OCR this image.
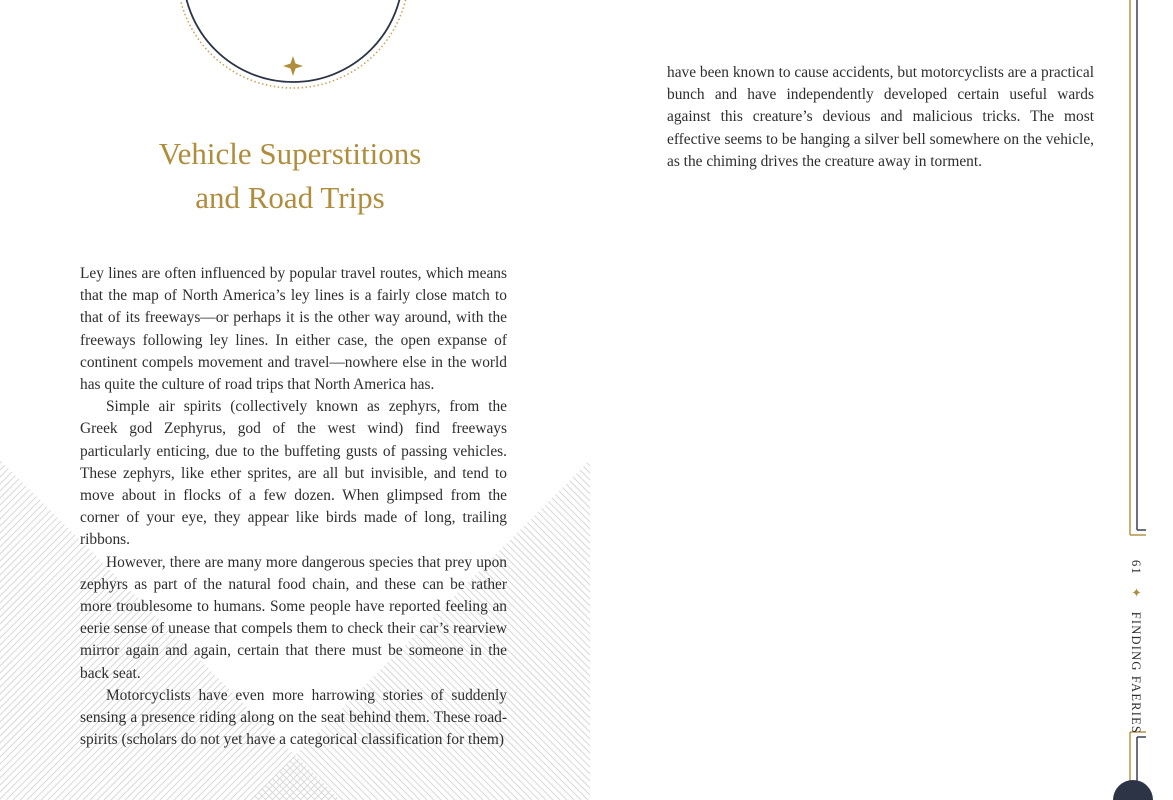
Vehicle Superstitions
and Road Trips

Ley lines are often influenced by popular travel routes, which means that the map of North America’s ley lines is a fairly close match to that of its freeways—or perhaps it is the other way around, with the freeways following ley lines. In either case, the open expanse of continent compels movement and travel—nowhere else in the world has quite the culture of road trips that North America has.

Simple air spirits (collectively known as zephyrs, from the Greek god Zephyrus, god of the west wind) find freeways particularly enticing, due to the buffeting gusts of passing vehicles. These zephyrs, like ether sprites, are all but invisible, and tend to move about in flocks of a few dozen. When glimpsed from the corner of your eye, they appear like birds made of long, trailing ribbons.

However, there are many more dangerous species that prey upon zephyrs as part of the natural food chain, and these can be rather more troublesome to humans. Some people have reported feeling an eerie sense of unease that compels them to check their car’s rearview mirror again and again, certain that there must be someone in the back seat.

Motorcyclists have even more harrowing stories of suddenly sensing a presence riding along on the seat behind them. These road-spirits (scholars do not yet have a categorical classification for them)

have been known to cause accidents, but motorcyclists are a practical bunch and have independently developed certain useful wards against this creature’s devious and malicious tricks. The most effective seems to be hanging a silver bell somewhere on the vehicle, as the chiming drives the creature away in torment.

61 ✦ FINDING FAERIES
